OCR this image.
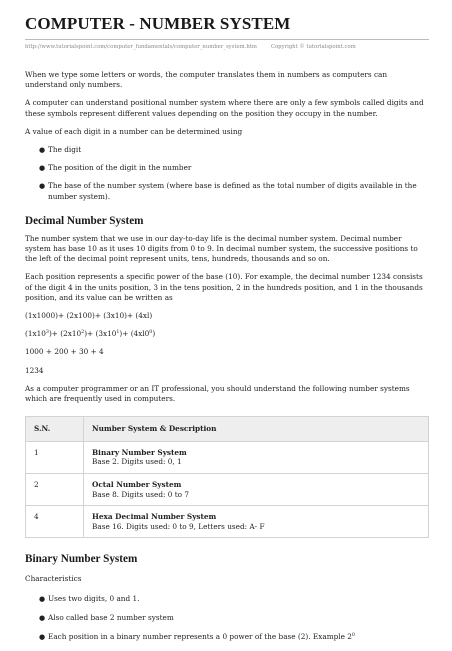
COMPUTER - NUMBER SYSTEM
http://www.tutorialspoint.com/computer_fundamentals/computer_number_system.htm	Copyright © tutorialspoint.com

When we type some letters or words, the computer translates them in numbers as computers can understand only numbers.

A computer can understand positional number system where there are only a few symbols called digits and these symbols represent different values depending on the position they occupy in the number.

A value of each digit in a number can be determined using

● The digit
● The position of the digit in the number
● The base of the number system (where base is defined as the total number of digits available in the number system).
Decimal Number System

The number system that we use in our day-to-day life is the decimal number system. Decimal number system has base 10 as it uses 10 digits from 0 to 9. In decimal number system, the successive positions to the left of the decimal point represent units, tens, hundreds, thousands and so on.

Each position represents a specific power of the base (10). For example, the decimal number 1234 consists of the digit 4 in the units position, 3 in the tens position, 2 in the hundreds position, and 1 in the thousands position, and its value can be written as

(1x1000)+ (2x100)+ (3x10)+ (4xl)

$(1x10^3)+ (2x10^2)+ (3x10^1)+ (4xl0^0)$

1000 + 200 + 30 + 4

1234

As a computer programmer or an IT professional, you should understand the following number systems which are frequently used in computers.

S.N.	Number System & Description
1	Binary Number System
Base 2. Digits used: 0, 1

2	Octal Number System
Base 8. Digits used: 0 to 7

4	Hexa Decimal Number System
Base 16. Digits used: 0 to 9, Letters used: A- F
Binary Number System

Characteristics

● Uses two digits, 0 and 1.
● Also called base 2 number system
● Each position in a binary number represents a 0 power of the base (2). Example $2^0$
